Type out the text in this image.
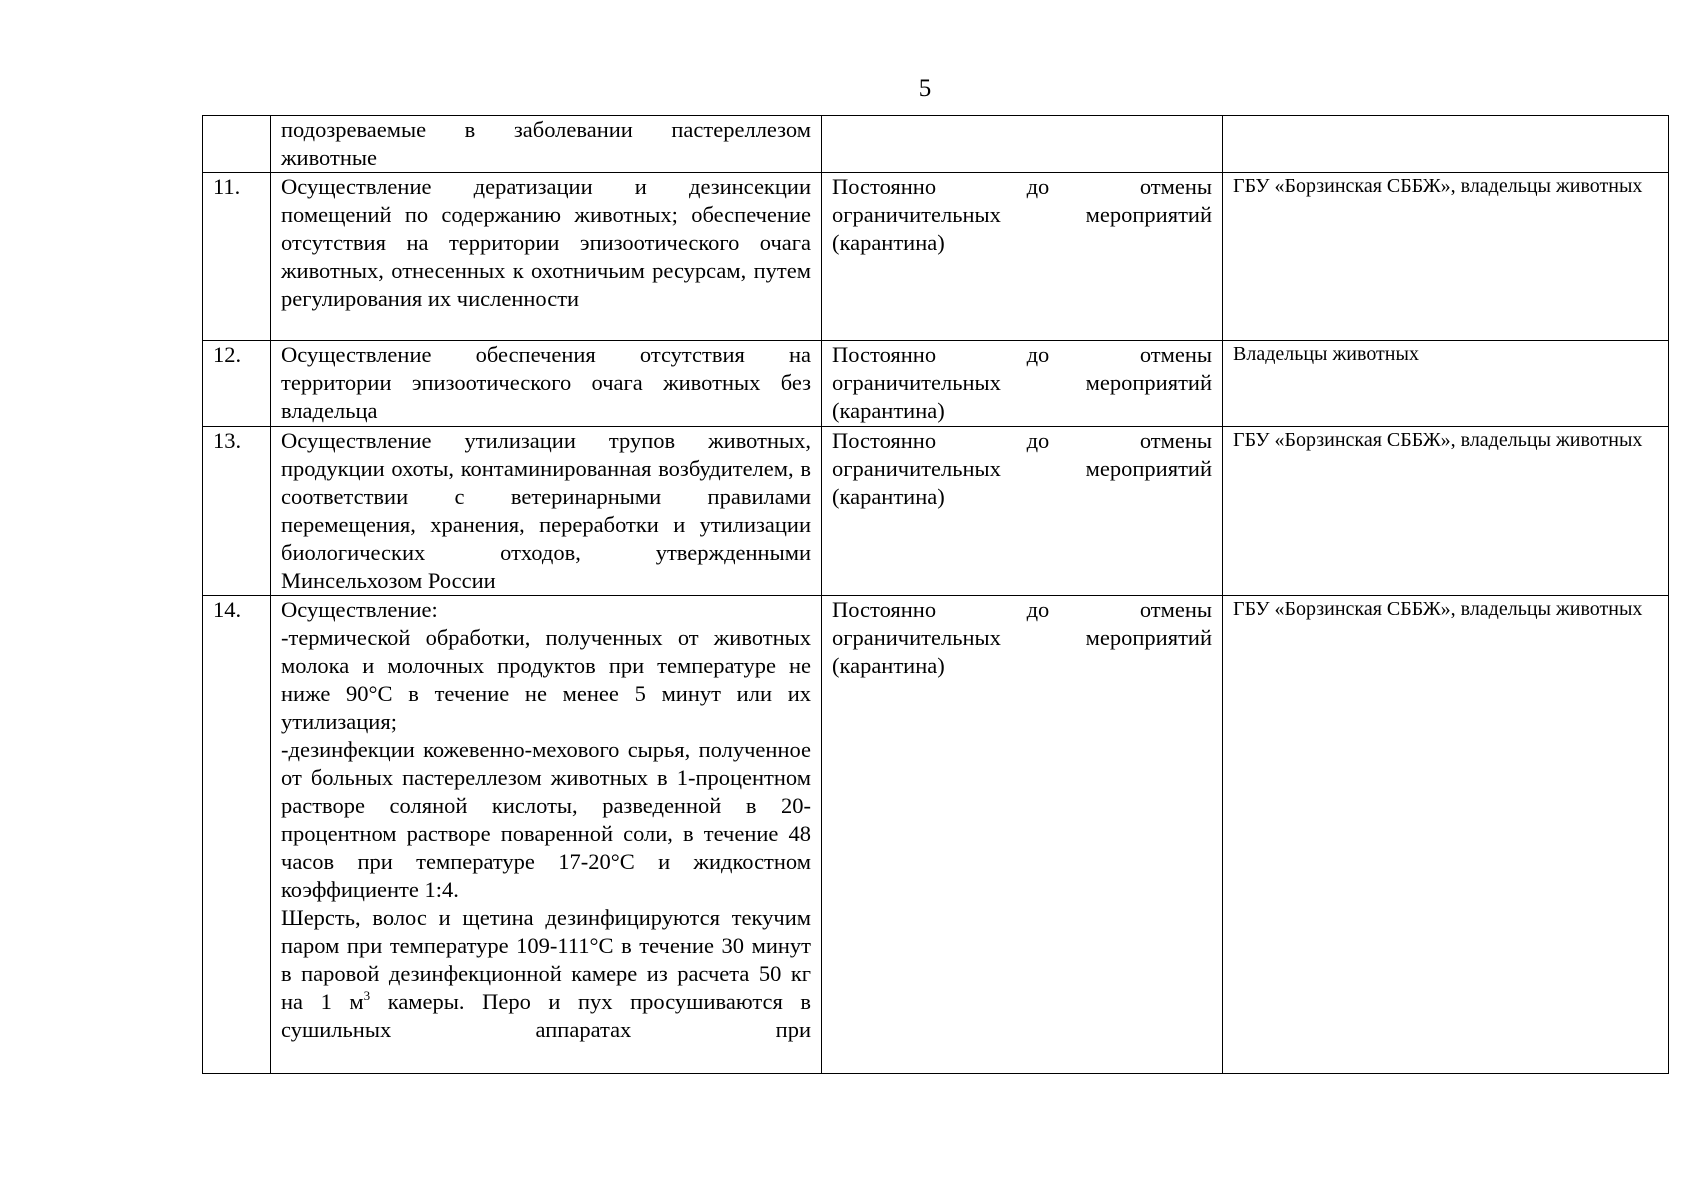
5

	подозреваемые в заболевании пастереллезом животные		

11.	Осуществление дератизации и дезинсекции помещений по содержанию животных; обеспечение отсутствия на территории эпизоотического очага животных, отнесенных к охотничьим ресурсам, путем регулирования их численности	Постоянно до отмены ограничительных мероприятий (карантина)	ГБУ «Борзинская СББЖ», владельцы животных
12.	Осуществление обеспечения отсутствия на территории эпизоотического очага животных без владельца	Постоянно до отмены ограничительных мероприятий (карантина)	Владельцы животных
13.	Осуществление утилизации трупов животных, продукции охоты, контаминированная возбудителем, в соответствии с ветеринарными правилами перемещения, хранения, переработки и утилизации биологических отходов, утвержденными Минсельхозом России	Постоянно до отмены ограничительных мероприятий (карантина)	ГБУ «Борзинская СББЖ», владельцы животных
14.	Осуществление:
-термической обработки, полученных от животных молока и молочных продуктов при температуре не ниже 90°С в течение не менее 5 минут или их утилизация;
-дезинфекции кожевенно-мехового сырья, полученное от больных пастереллезом животных в 1-процентном растворе соляной кислоты, разведенной в 20-процентном растворе поваренной соли, в течение 48 часов при температуре 17-20°С и жидкостном коэффициенте 1:4.
Шерсть, волос и щетина дезинфицируются текучим паром при температуре 109-111°С в течение 30 минут в паровой дезинфекционной камере из расчета 50 кг на 1 $м^3$ камеры. Перо и пух просушиваются в сушильных аппаратах при	Постоянно до отмены ограничительных мероприятий (карантина)	ГБУ «Борзинская СББЖ», владельцы животных
